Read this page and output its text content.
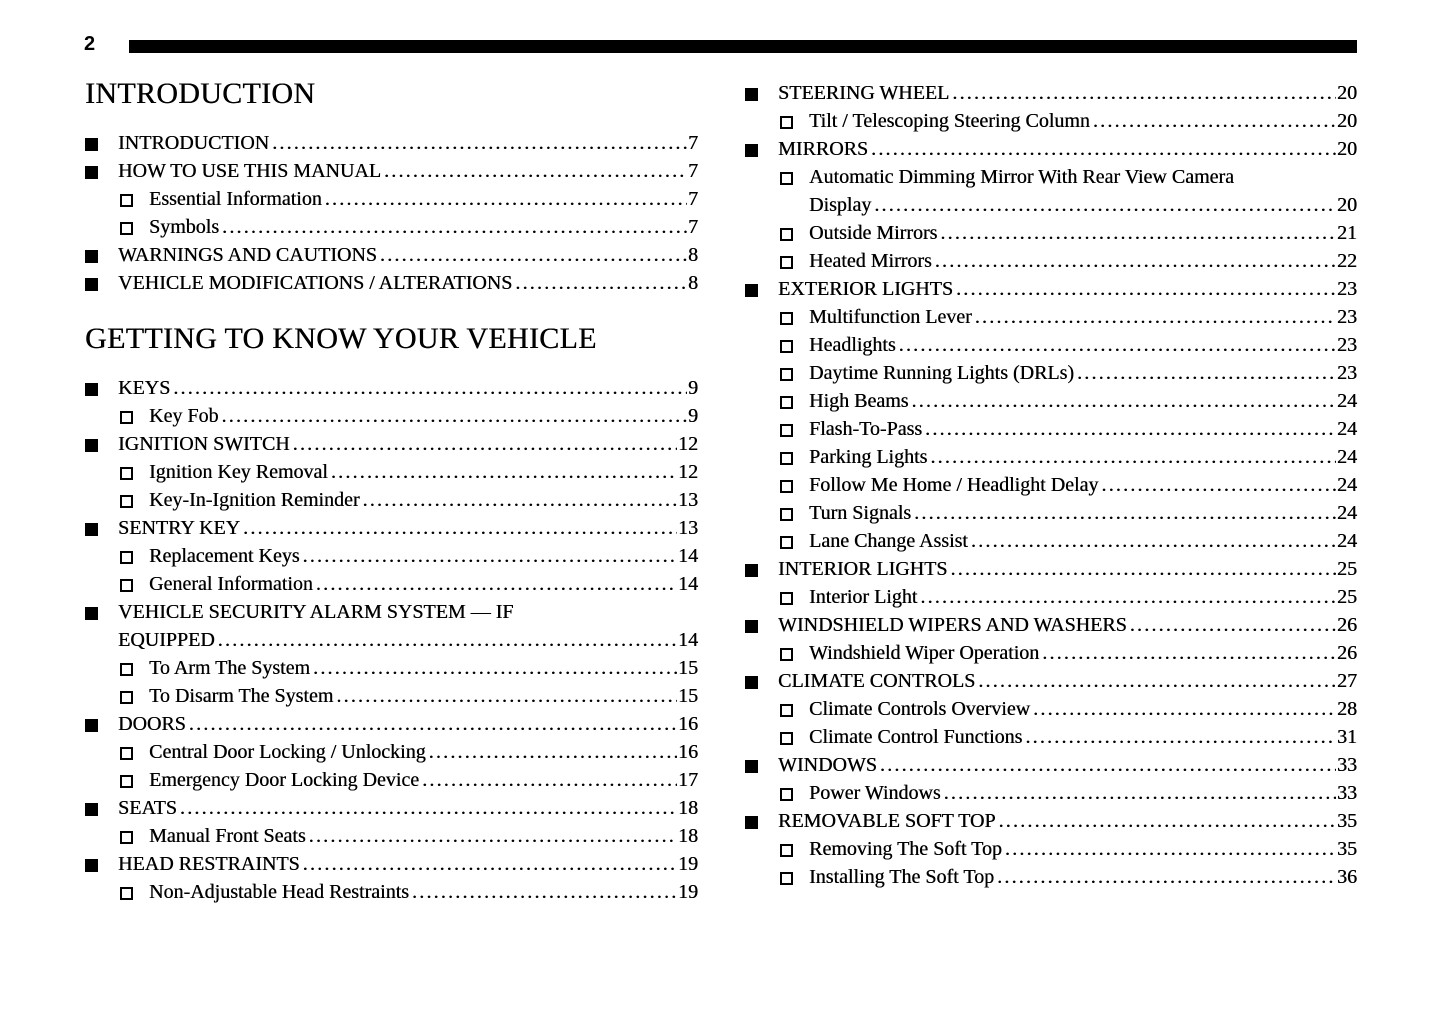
2
INTRODUCTION
INTRODUCTION .....	7
HOW TO USE THIS MANUAL .....	7
Essential Information .....	7
Symbols .....	7
WARNINGS AND CAUTIONS .....	8
VEHICLE MODIFICATIONS / ALTERATIONS .....	8
GETTING TO KNOW YOUR VEHICLE
KEYS .....	9
Key Fob .....	9
IGNITION SWITCH .....	12
Ignition Key Removal .....	12
Key-In-Ignition Reminder .....	13
SENTRY KEY .....	13
Replacement Keys .....	14
General Information .....	14
VEHICLE SECURITY ALARM SYSTEM — IF
EQUIPPED .....	14
To Arm The System .....	15
To Disarm The System .....	15
DOORS .....	16
Central Door Locking / Unlocking .....	16
Emergency Door Locking Device .....	17
SEATS .....	18
Manual Front Seats .....	18
HEAD RESTRAINTS .....	19
Non-Adjustable Head Restraints .....	19
STEERING WHEEL .....	20
Tilt / Telescoping Steering Column .....	20
MIRRORS .....	20
Automatic Dimming Mirror With Rear View Camera
Display .....	20
Outside Mirrors .....	21
Heated Mirrors .....	22
EXTERIOR LIGHTS .....	23
Multifunction Lever .....	23
Headlights .....	23
Daytime Running Lights (DRLs) .....	23
High Beams .....	24
Flash-To-Pass .....	24
Parking Lights .....	24
Follow Me Home / Headlight Delay .....	24
Turn Signals .....	24
Lane Change Assist .....	24
INTERIOR LIGHTS .....	25
Interior Light .....	25
WINDSHIELD WIPERS AND WASHERS .....	26
Windshield Wiper Operation .....	26
CLIMATE CONTROLS .....	27
Climate Controls Overview .....	28
Climate Control Functions .....	31
WINDOWS .....	33
Power Windows .....	33
REMOVABLE SOFT TOP .....	35
Removing The Soft Top .....	35
Installing The Soft Top .....	36
